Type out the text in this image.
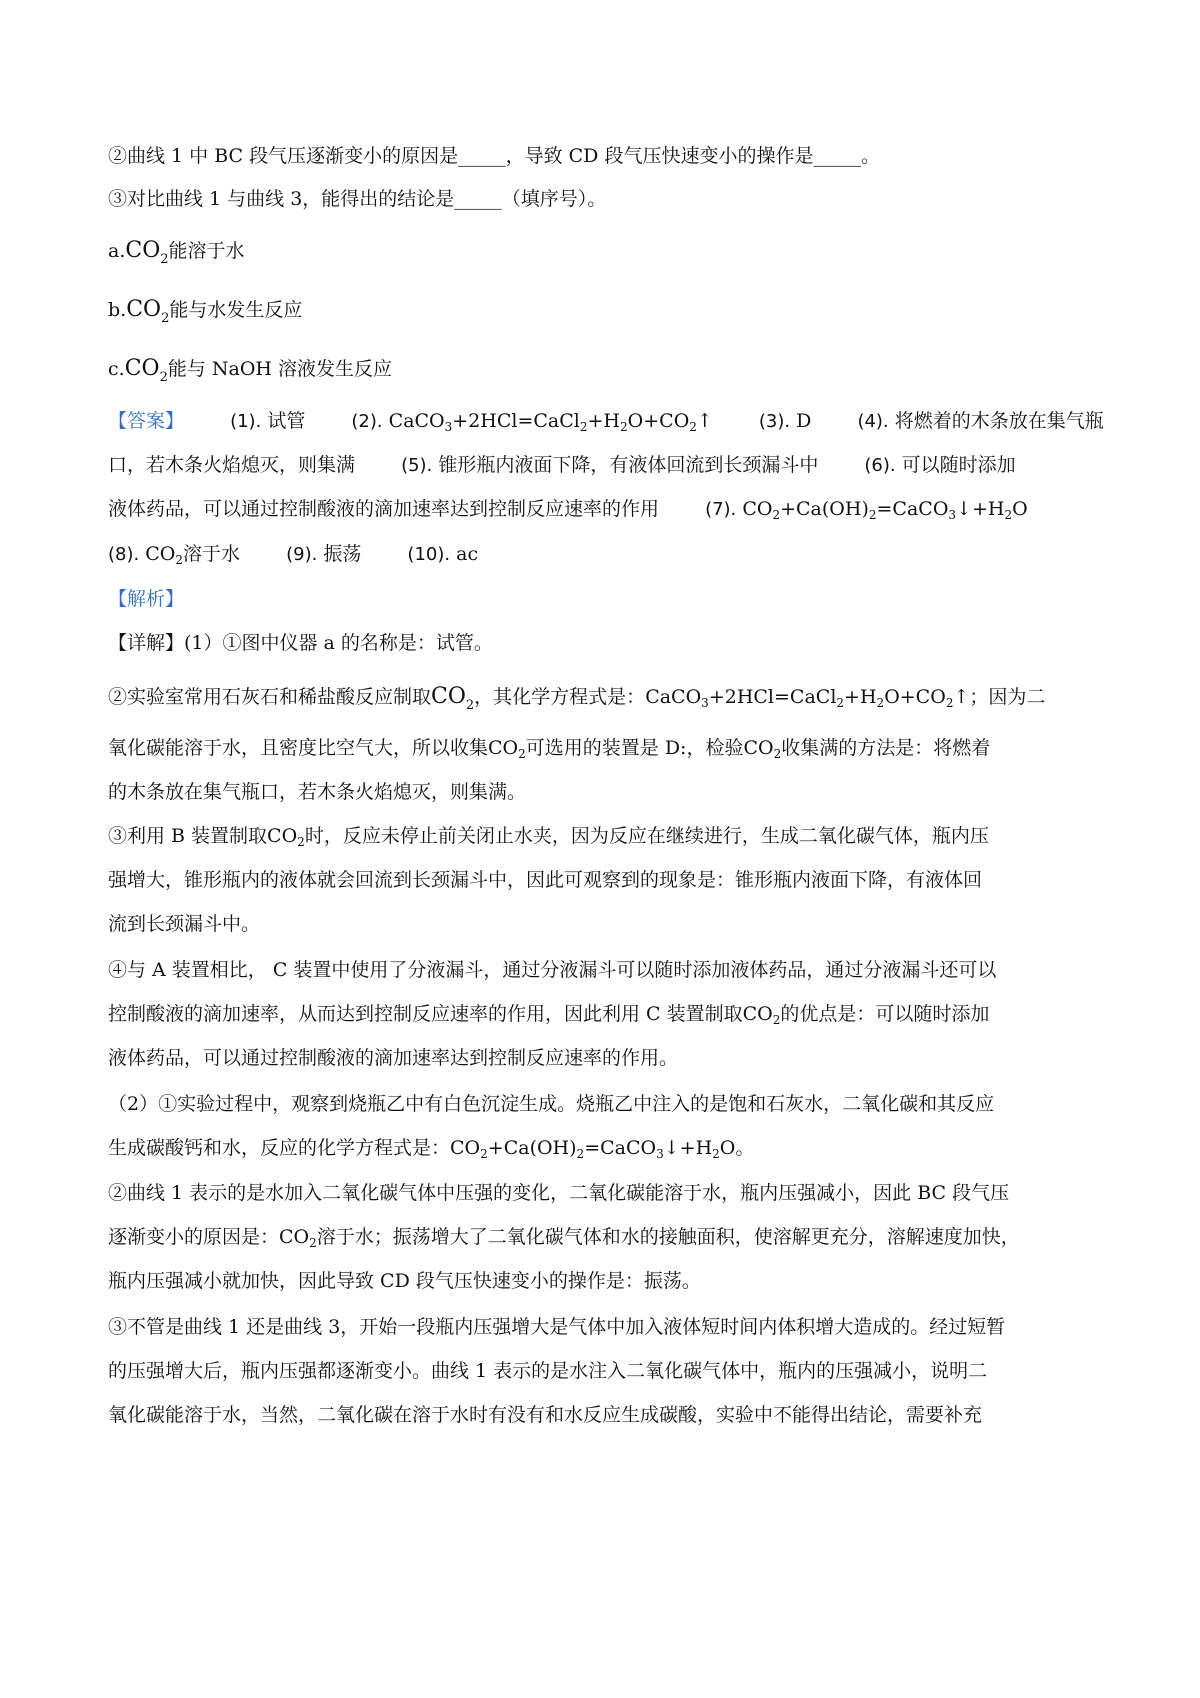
②曲线 1 中 BC 段气压逐渐变小的原因是_____，导致 CD 段气压快速变小的操作是_____。
③对比曲线 1 与曲线 3，能得出的结论是_____（填序号）。
$a.CO_2$能溶于水
$b.CO_2$能与水发生反应
$c.CO_2$能与 NaOH 溶液发生反应
【答案】	(1). 试管	(2). $CaCO_3+2HCl=CaCl_2+H_2O+CO_2↑$	(3). D	(4). 将燃着的木条放在集气瓶
口，若木条火焰熄灭，则集满	(5). 锥形瓶内液面下降，有液体回流到长颈漏斗中	(6). 可以随时添加
液体药品，可以通过控制酸液的滴加速率达到控制反应速率的作用	(7). $CO_2+Ca(OH)_2=CaCO_3↓+H_2O$
(8). $CO_2$溶于水	(9). 振荡	(10). ac
【解析】
【详解】(1）①图中仪器 a 的名称是：试管。
②实验室常用石灰石和稀盐酸反应制取$CO_2$，其化学方程式是：$CaCO_3+2HCl=CaCl_2+H_2O+CO_2↑$；因为二
氧化碳能溶于水，且密度比空气大，所以收集$CO_2$可选用的装置是 D:，检验$CO_2$收集满的方法是：将燃着
的木条放在集气瓶口，若木条火焰熄灭，则集满。
③利用 B 装置制取$CO_2$时，反应未停止前关闭止水夹，因为反应在继续进行，生成二氧化碳气体，瓶内压
强增大，锥形瓶内的液体就会回流到长颈漏斗中，因此可观察到的现象是：锥形瓶内液面下降，有液体回
流到长颈漏斗中。
④与 A 装置相比， C 装置中使用了分液漏斗，通过分液漏斗可以随时添加液体药品，通过分液漏斗还可以
控制酸液的滴加速率，从而达到控制反应速率的作用，因此利用 C 装置制取$CO_2$的优点是：可以随时添加
液体药品，可以通过控制酸液的滴加速率达到控制反应速率的作用。
（2）①实验过程中，观察到烧瓶乙中有白色沉淀生成。烧瓶乙中注入的是饱和石灰水，二氧化碳和其反应
生成碳酸钙和水，反应的化学方程式是：$CO_2+Ca(OH)_2=CaCO_3↓+H_2O$。
②曲线 1 表示的是水加入二氧化碳气体中压强的变化，二氧化碳能溶于水，瓶内压强减小，因此 BC 段气压
逐渐变小的原因是：$CO_2$溶于水；振荡增大了二氧化碳气体和水的接触面积，使溶解更充分，溶解速度加快，
瓶内压强减小就加快，因此导致 CD 段气压快速变小的操作是：振荡。
③不管是曲线 1 还是曲线 3，开始一段瓶内压强增大是气体中加入液体短时间内体积增大造成的。经过短暂
的压强增大后，瓶内压强都逐渐变小。曲线 1 表示的是水注入二氧化碳气体中，瓶内的压强减小，说明二
氧化碳能溶于水，当然，二氧化碳在溶于水时有没有和水反应生成碳酸，实验中不能得出结论，需要补充
